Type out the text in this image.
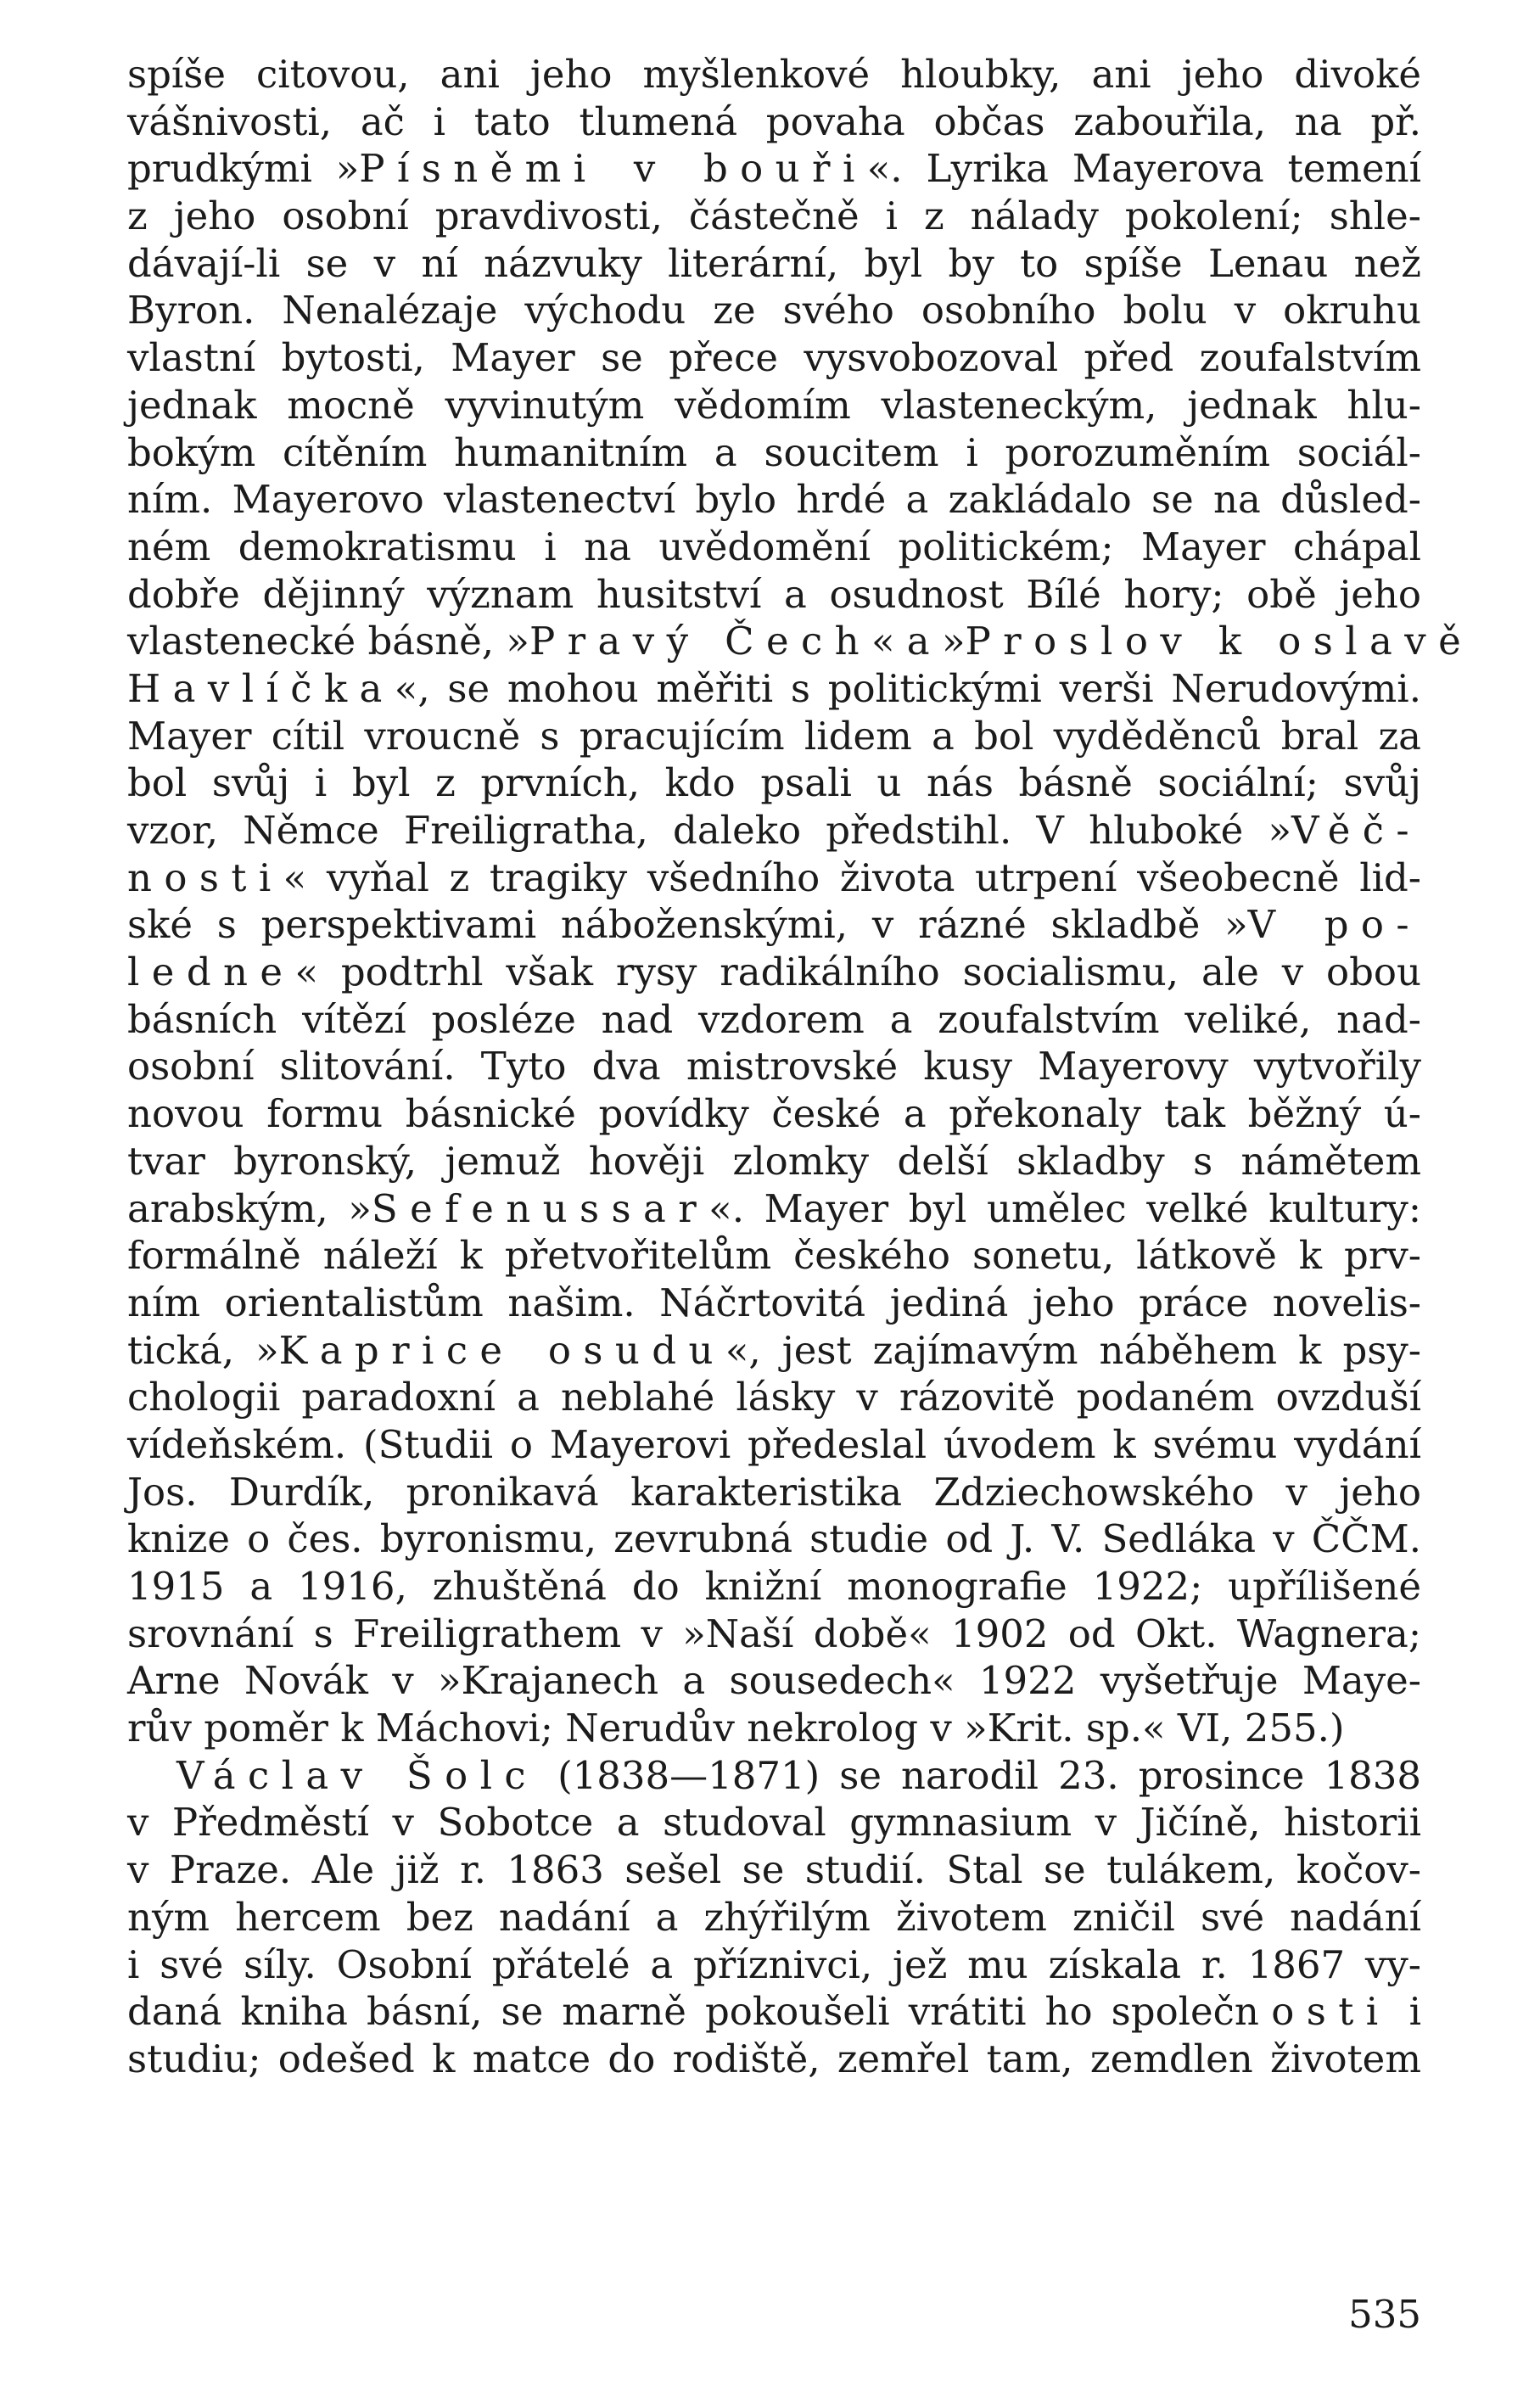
spíše citovou, ani jeho myšlenkové hloubky, ani jeho divoké
vášnivosti, ač i tato tlumená povaha občas zabouřila, na př.
prudkými »Písněmi v bouři«. Lyrika Mayerova temení
z jeho osobní pravdivosti, částečně i z nálady pokolení; shle-
dávají-li se v ní názvuky literární, byl by to spíše Lenau než
Byron. Nenalézaje východu ze svého osobního bolu v okruhu
vlastní bytosti, Mayer se přece vysvobozoval před zoufalstvím
jednak mocně vyvinutým vědomím vlasteneckým, jednak hlu-
bokým cítěním humanitním a soucitem i porozuměním sociál-
ním. Mayerovo vlastenectví bylo hrdé a zakládalo se na důsled-
ném demokratismu i na uvědomění politickém; Mayer chápal
dobře dějinný význam husitství a osudnost Bílé hory; obě jeho
vlastenecké básně, »Pravý Čech« a »Proslov k oslavě
Havlíčka«, se mohou měřiti s politickými verši Nerudovými.
Mayer cítil vroucně s pracujícím lidem a bol vyděděnců bral za
bol svůj i byl z prvních, kdo psali u nás básně sociální; svůj
vzor, Němce Freiligratha, daleko předstihl. V hluboké »Věč-
nosti« vyňal z tragiky všedního života utrpení všeobecně lid-
ské s perspektivami náboženskými, v rázné skladbě »V po-
ledne« podtrhl však rysy radikálního socialismu, ale v obou
básních vítězí posléze nad vzdorem a zoufalstvím veliké, nad-
osobní slitování. Tyto dva mistrovské kusy Mayerovy vytvořily
novou formu básnické povídky české a překonaly tak běžný ú-
tvar byronský, jemuž hověji zlomky delší skladby s námětem
arabským, »Sefenussar«. Mayer byl umělec velké kultury:
formálně náleží k přetvořitelům českého sonetu, látkově k prv-
ním orientalistům našim. Náčrtovitá jediná jeho práce novelis-
tická, »Kaprice osudu«, jest zajímavým náběhem k psy-
chologii paradoxní a neblahé lásky v rázovitě podaném ovzduší
vídeňském. (Studii o Mayerovi předeslal úvodem k svému vydání
Jos. Durdík, pronikavá karakteristika Zdziechowského v jeho
knize o čes. byronismu, zevrubná studie od J. V. Sedláka v ČČM.
1915 a 1916, zhuštěná do knižní monografie 1922; upřílišené
srovnání s Freiligrathem v »Naší době« 1902 od Okt. Wagnera;
Arne Novák v »Krajanech a sousedech« 1922 vyšetřuje Maye-
rův poměr k Máchovi; Nerudův nekrolog v »Krit. sp.« VI, 255.)
Václav Šolc (1838—1871) se narodil 23. prosince 1838
v Předměstí v Sobotce a studoval gymnasium v Jičíně, historii
v Praze. Ale již r. 1863 sešel se studií. Stal se tulákem, kočov-
ným hercem bez nadání a zhýřilým životem zničil své nadání
i své síly. Osobní přátelé a příznivci, jež mu získala r. 1867 vy-
daná kniha básní, se marně pokoušeli vrátiti ho společnosti i
studiu; odešed k matce do rodiště, zemřel tam, zemdlen životem
535
